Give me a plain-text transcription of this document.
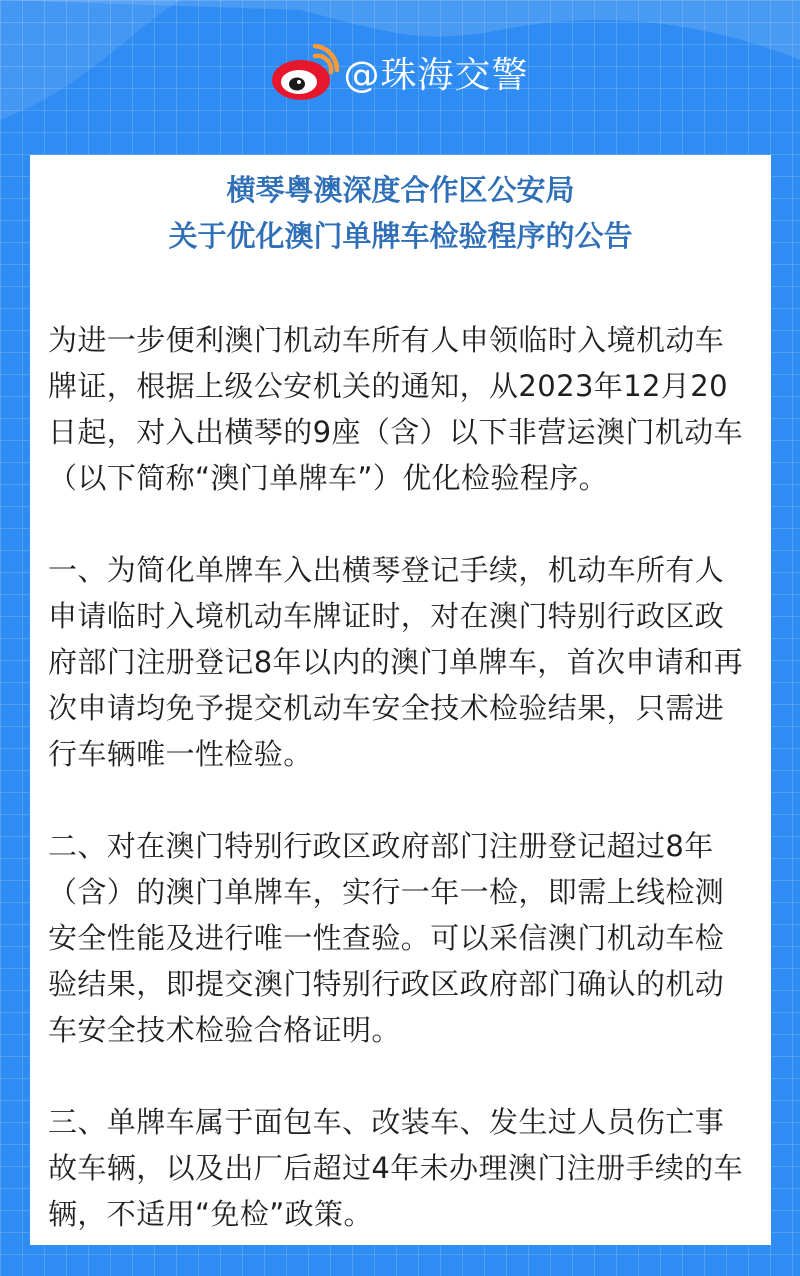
@珠海交警
横琴粤澳深度合作区公安局
关于优化澳门单牌车检验程序的公告

为进一步便利澳门机动车所有人申领临时入境机动车牌证，根据上级公安机关的通知，从2023年12月20日起，对入出横琴的9座（含）以下非营运澳门机动车（以下简称“澳门单牌车”）优化检验程序。

一、为简化单牌车入出横琴登记手续，机动车所有人申请临时入境机动车牌证时，对在澳门特别行政区政府部门注册登记8年以内的澳门单牌车，首次申请和再次申请均免予提交机动车安全技术检验结果，只需进行车辆唯一性检验。

二、对在澳门特别行政区政府部门注册登记超过8年（含）的澳门单牌车，实行一年一检，即需上线检测安全性能及进行唯一性查验。可以采信澳门机动车检验结果，即提交澳门特别行政区政府部门确认的机动车安全技术检验合格证明。

三、单牌车属于面包车、改装车、发生过人员伤亡事故车辆，以及出厂后超过4年未办理澳门注册手续的车辆，不适用“免检”政策。
